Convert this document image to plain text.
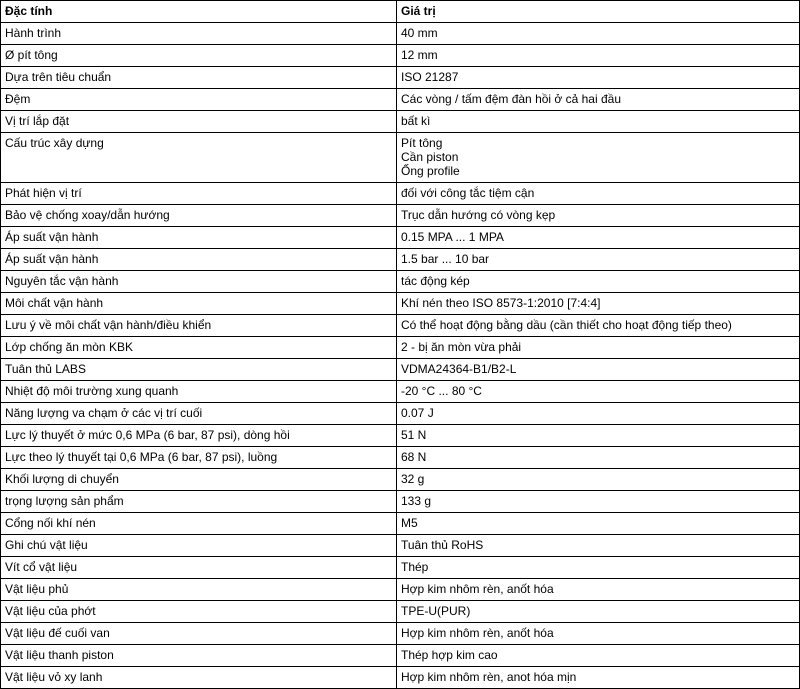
Đặc tính	Giá trị
Hành trình	40 mm
Ø pít tông	12 mm
Dựa trên tiêu chuẩn	ISO 21287
Đệm	Các vòng / tấm đệm đàn hồi ở cả hai đầu
Vị trí lắp đặt	bất kì
Cấu trúc xây dựng	Pít tông
Cần piston
Ống profile

Phát hiện vị trí	đối với công tắc tiệm cận
Bảo vệ chống xoay/dẫn hướng	Trục dẫn hướng có vòng kẹp
Áp suất vận hành	0.15 MPA ... 1 MPA
Áp suất vận hành	1.5 bar ... 10 bar
Nguyên tắc vận hành	tác động kép
Môi chất vận hành	Khí nén theo ISO 8573-1:2010 [7:4:4]
Lưu ý về môi chất vận hành/điều khiển	Có thể hoạt động bằng dầu (cần thiết cho hoạt động tiếp theo)
Lớp chống ăn mòn KBK	2 - bị ăn mòn vừa phải
Tuân thủ LABS	VDMA24364-B1/B2-L
Nhiệt độ môi trường xung quanh	-20 °C ... 80 °C
Năng lượng va chạm ở các vị trí cuối	0.07 J
Lực lý thuyết ở mức 0,6 MPa (6 bar, 87 psi), dòng hồi	51 N
Lực theo lý thuyết tại 0,6 MPa (6 bar, 87 psi), luồng	68 N
Khối lượng di chuyển	32 g
trọng lượng sản phẩm	133 g
Cổng nối khí nén	M5
Ghi chú vật liệu	Tuân thủ RoHS
Vít cổ vật liệu	Thép
Vật liệu phủ	Hợp kim nhôm rèn, anốt hóa
Vật liệu của phớt	TPE-U(PUR)
Vật liệu đế cuối van	Hợp kim nhôm rèn, anốt hóa
Vật liệu thanh piston	Thép hợp kim cao
Vật liệu vỏ xy lanh	Hợp kim nhôm rèn, anot hóa mịn
